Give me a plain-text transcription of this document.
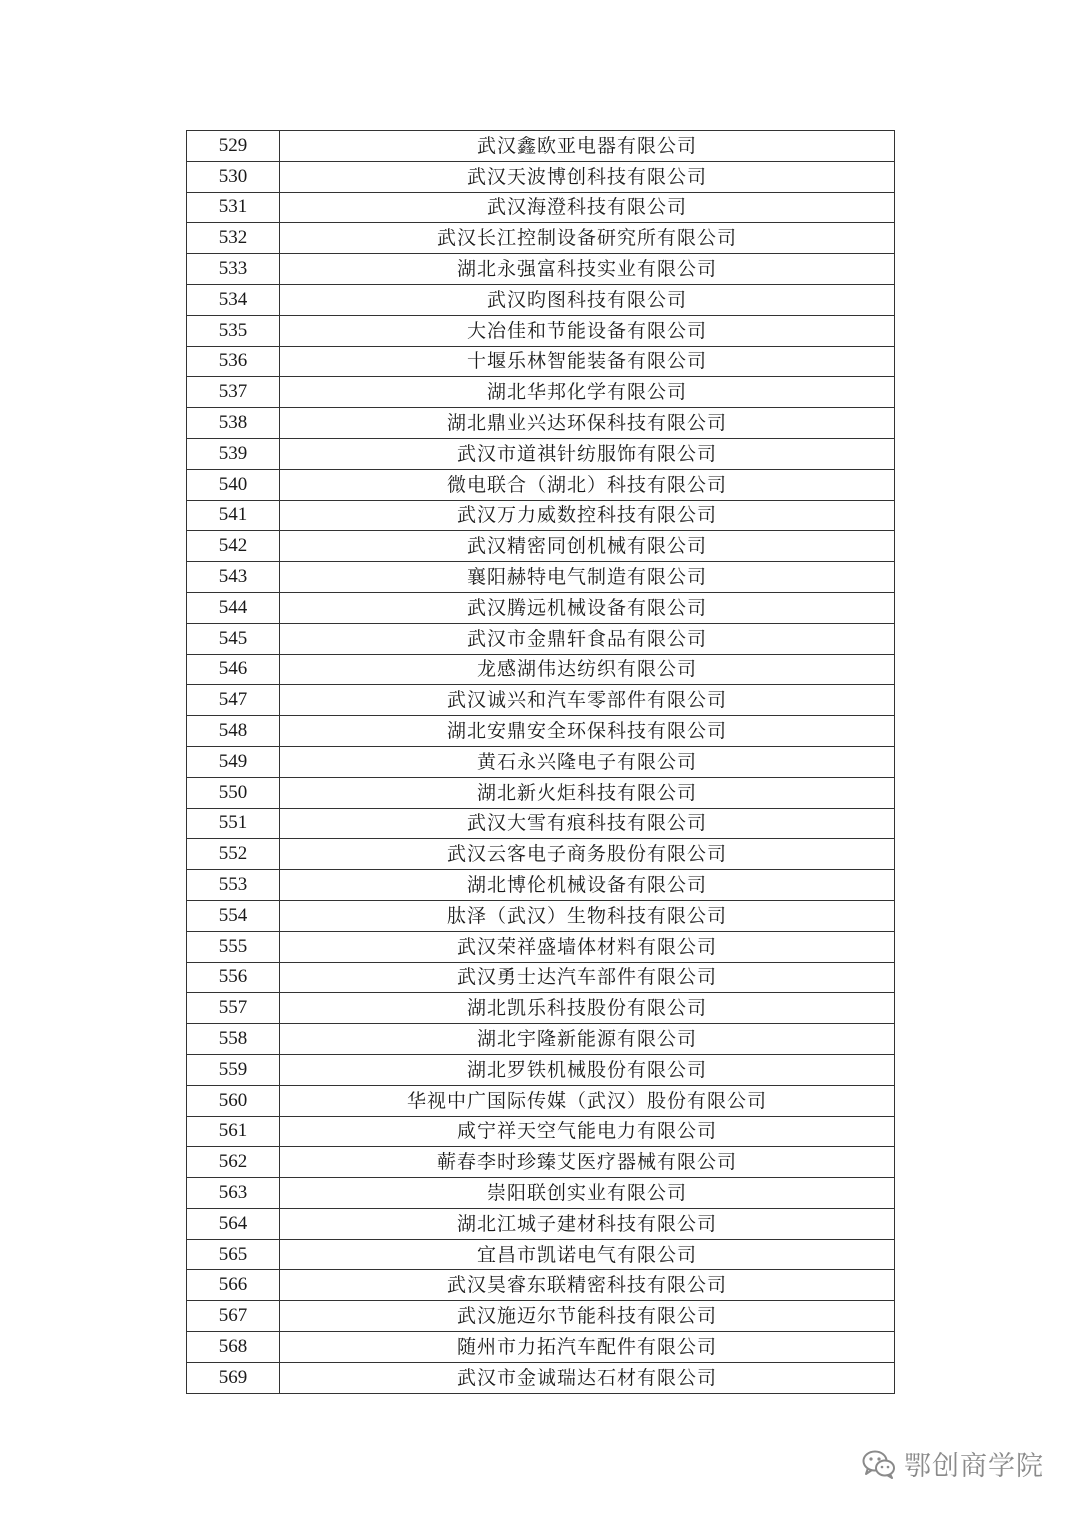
529	武汉鑫欧亚电器有限公司
530	武汉天波博创科技有限公司
531	武汉海澄科技有限公司
532	武汉长江控制设备研究所有限公司
533	湖北永强富科技实业有限公司
534	武汉昀图科技有限公司
535	大冶佳和节能设备有限公司
536	十堰乐林智能装备有限公司
537	湖北华邦化学有限公司
538	湖北鼎业兴达环保科技有限公司
539	武汉市道祺针纺服饰有限公司
540	微电联合（湖北）科技有限公司
541	武汉万力威数控科技有限公司
542	武汉精密同创机械有限公司
543	襄阳赫特电气制造有限公司
544	武汉腾远机械设备有限公司
545	武汉市金鼎轩食品有限公司
546	龙感湖伟达纺织有限公司
547	武汉诚兴和汽车零部件有限公司
548	湖北安鼎安全环保科技有限公司
549	黄石永兴隆电子有限公司
550	湖北新火炬科技有限公司
551	武汉大雪有痕科技有限公司
552	武汉云客电子商务股份有限公司
553	湖北博伦机械设备有限公司
554	肽泽（武汉）生物科技有限公司
555	武汉荣祥盛墙体材料有限公司
556	武汉勇士达汽车部件有限公司
557	湖北凯乐科技股份有限公司
558	湖北宇隆新能源有限公司
559	湖北罗铁机械股份有限公司
560	华视中广国际传媒（武汉）股份有限公司
561	咸宁祥天空气能电力有限公司
562	蕲春李时珍臻艾医疗器械有限公司
563	崇阳联创实业有限公司
564	湖北江城子建材科技有限公司
565	宜昌市凯诺电气有限公司
566	武汉昊睿东联精密科技有限公司
567	武汉施迈尔节能科技有限公司
568	随州市力拓汽车配件有限公司
569	武汉市金诚瑞达石材有限公司
鄂创商学院
